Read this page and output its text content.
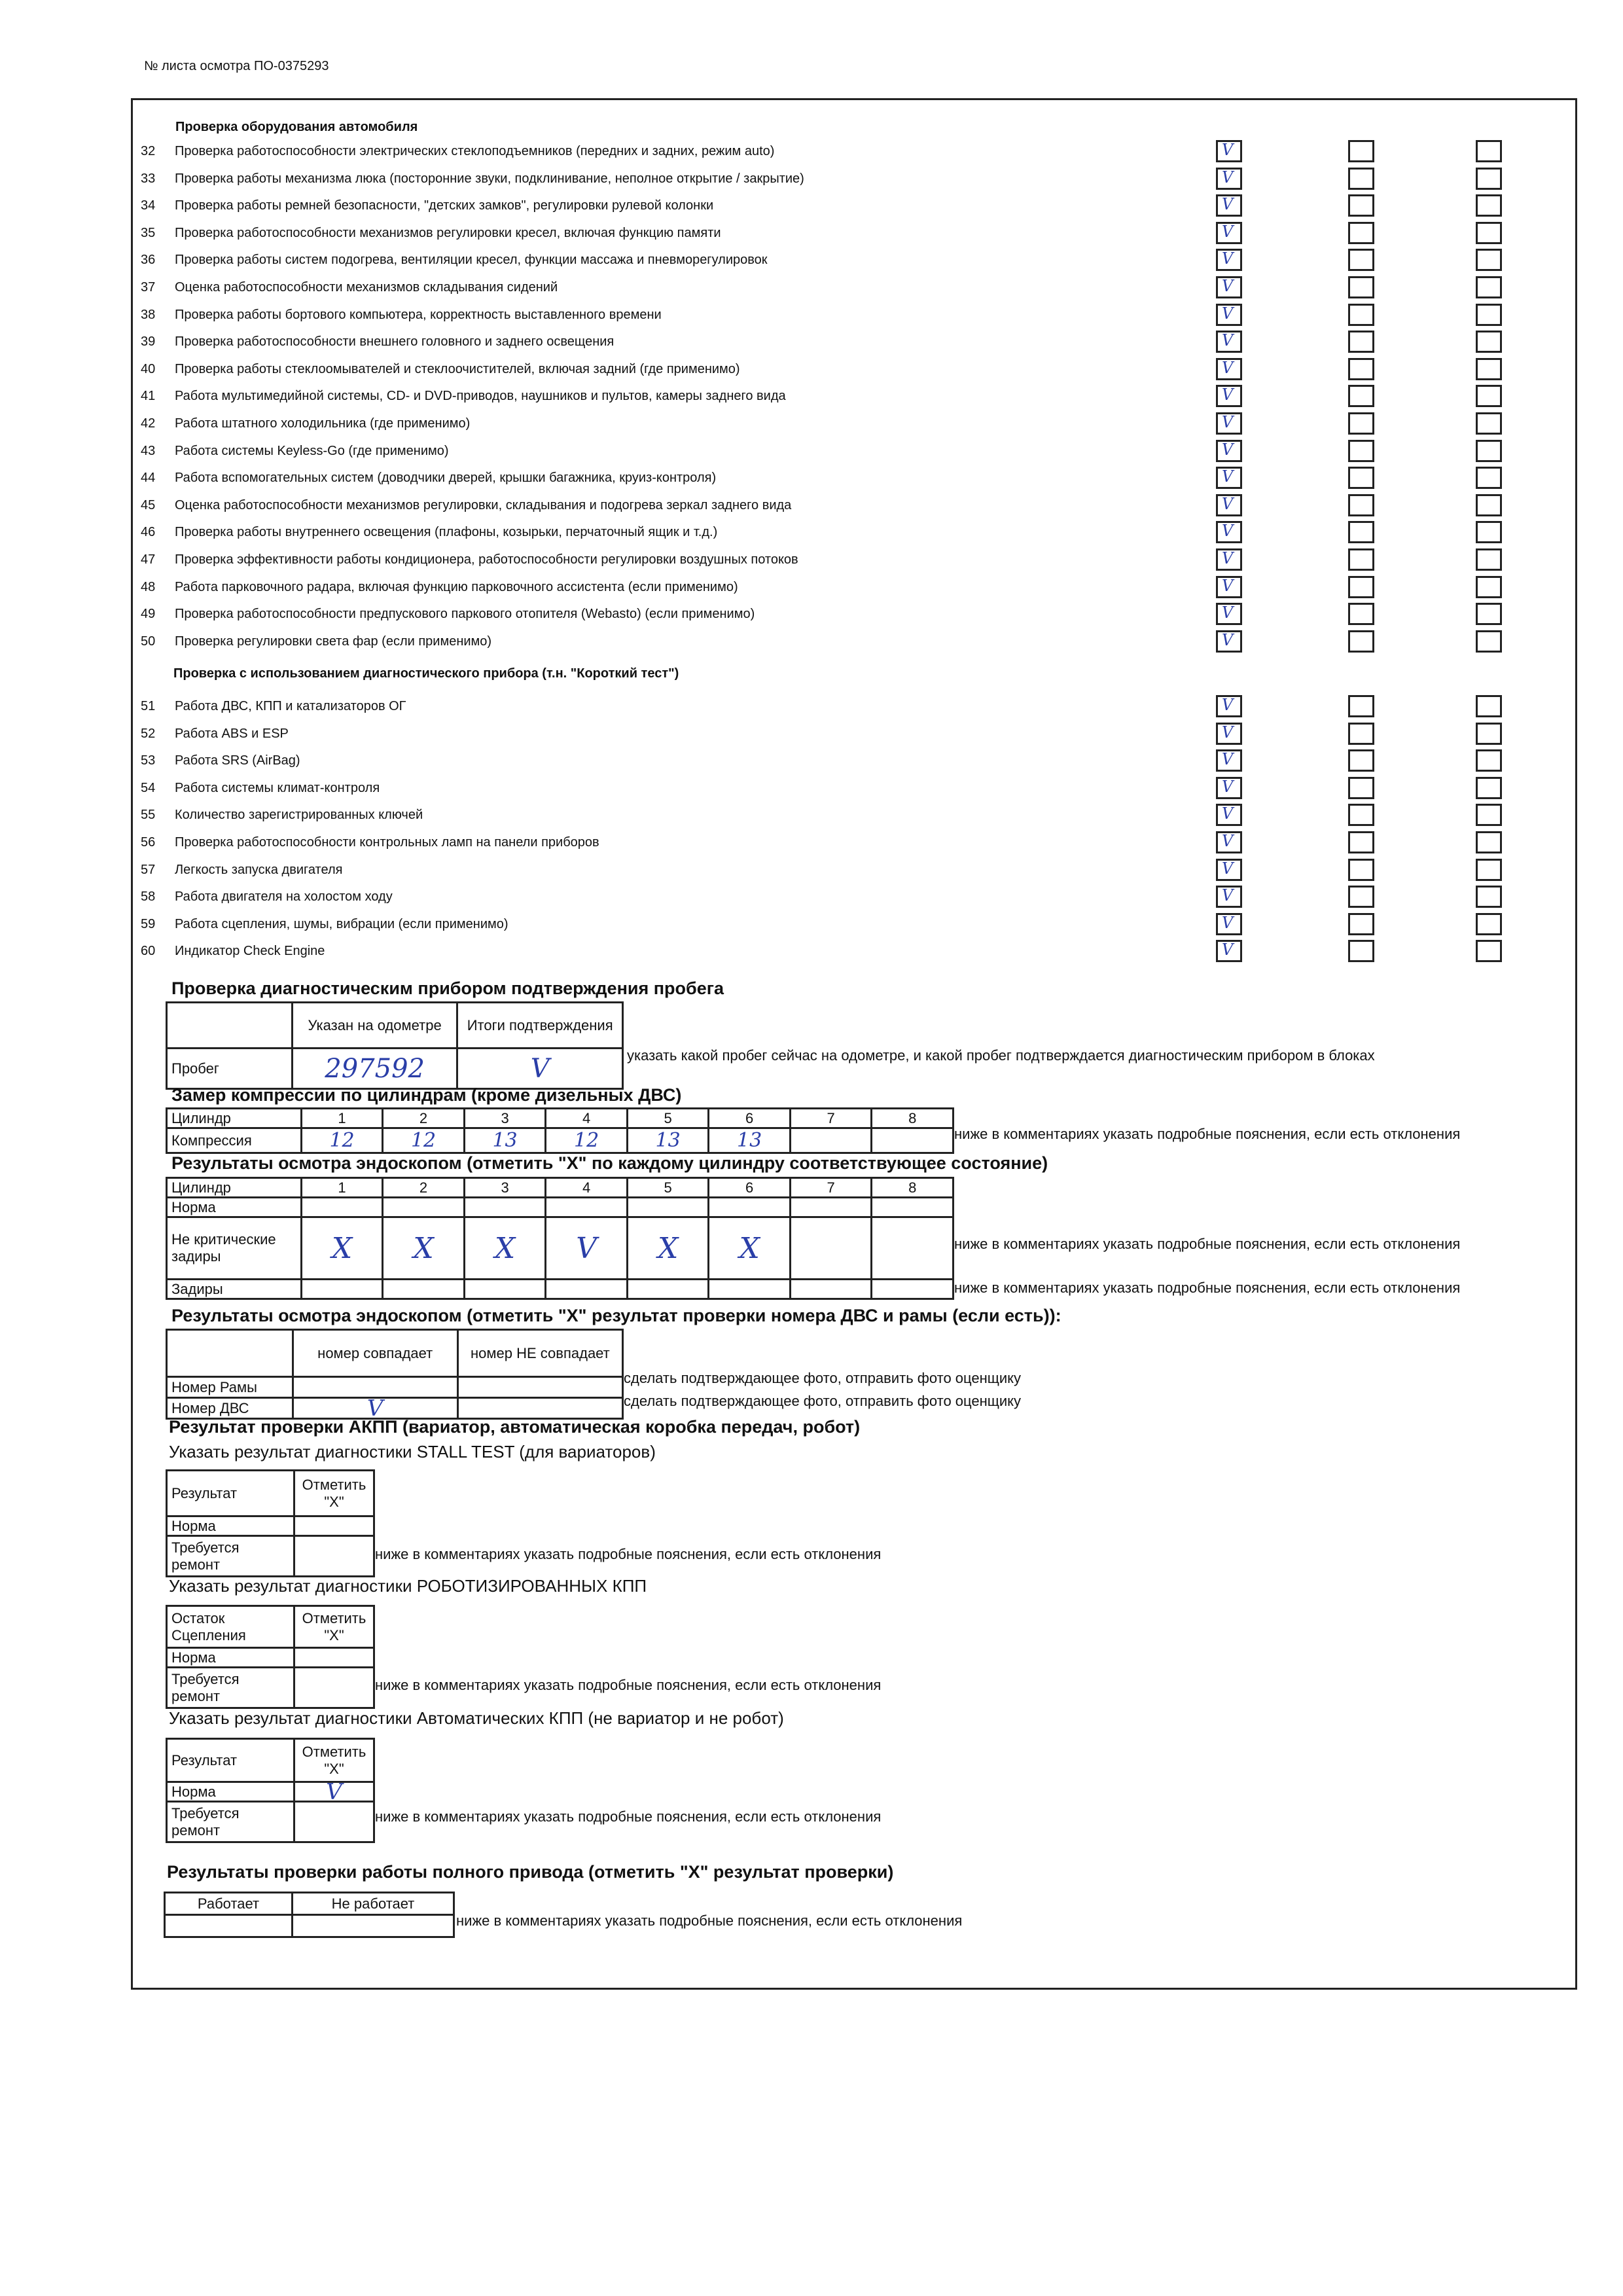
№ листа осмотра ПО-0375293
Проверка оборудования автомобиля
32 Проверка работоспособности электрических стеклоподъемников (передних и задних, режим auto)	V
33 Проверка работы механизма люка (посторонние звуки, подклинивание, неполное открытие / закрытие)	V
34 Проверка работы ремней безопасности, "детских замков", регулировки рулевой колонки	V
35 Проверка работоспособности механизмов регулировки кресел, включая функцию памяти	V
36 Проверка работы систем подогрева, вентиляции кресел, функции массажа и пневморегулировок	V
37 Оценка работоспособности механизмов складывания сидений	V
38 Проверка работы бортового компьютера, корректность выставленного времени	V
39 Проверка работоспособности внешнего головного и заднего освещения	V
40 Проверка работы стеклоомывателей и стеклоочистителей, включая задний (где применимо)	V
41 Работа мультимедийной системы, CD- и DVD-приводов, наушников и пультов, камеры заднего вида	V
42 Работа штатного холодильника (где применимо)	V
43 Работа системы Keyless-Go (где применимо)	V
44 Работа вспомогательных систем (доводчики дверей, крышки багажника, круиз-контроля)	V
45 Оценка работоспособности механизмов регулировки, складывания и подогрева зеркал заднего вида	V
46 Проверка работы внутреннего освещения (плафоны, козырьки, перчаточный ящик и т.д.)	V
47 Проверка эффективности работы кондиционера, работоспособности регулировки воздушных потоков	V
48 Работа парковочного радара, включая функцию парковочного ассистента (если применимо)	V
49 Проверка работоспособности предпускового паркового отопителя (Webasto) (если применимо)	V
50 Проверка регулировки света фар (если применимо)	V
Проверка с использованием диагностического прибора (т.н. "Короткий тест")
51 Работа ДВС, КПП и катализаторов ОГ	V
52 Работа ABS и ESP	V
53 Работа SRS (AirBag)	V
54 Работа системы климат-контроля	V
55 Количество зарегистрированных ключей	V
56 Проверка работоспособности контрольных ламп на панели приборов	V
57 Легкость запуска двигателя	V
58 Работа двигателя на холостом ходу	V
59 Работа сцепления, шумы, вибрации (если применимо)	V
60 Индикатор Check Engine	V
Проверка диагностическим прибором подтверждения пробега
	Указан на одометре	Итоги подтверждения
Пробег	297592	V	указать какой пробег сейчас на одометре, и какой пробег подтверждается диагностическим прибором в блоках
Замер компрессии по цилиндрам (кроме дизельных ДВС)
Цилиндр	1	2	3	4	5	6	7	8
Компрессия	12	12	13	12	13	13			ниже в комментариях указать подробные пояснения, если есть отклонения
Результаты осмотра эндоскопом (отметить "X" по каждому цилиндру соответствующее состояние)
Цилиндр	1	2	3	4	5	6	7	8
Норма								
Не критические задиры	X	X	X	V	X	X		
Задиры								
ниже в комментариях указать подробные пояснения, если есть отклонения
ниже в комментариях указать подробные пояснения, если есть отклонения
Результаты осмотра эндоскопом (отметить "X" результат проверки номера ДВС и рамы (если есть)):
	номер совпадает	номер НЕ совпадает
Номер Рамы		
Номер ДВС	V	
сделать подтверждающее фото, отправить фото оценщику
сделать подтверждающее фото, отправить фото оценщику
Результат проверки АКПП (вариатор, автоматическая коробка передач, робот)
Указать результат диагностики STALL TEST (для вариаторов)
Результат	Отметить "X"
Норма	
Требуется ремонт	
ниже в комментариях указать подробные пояснения, если есть отклонения
Указать результат диагностики РОБОТИЗИРОВАННЫХ КПП
Остаток Сцепления	Отметить "X"
Норма	
Требуется ремонт	
ниже в комментариях указать подробные пояснения, если есть отклонения
Указать результат диагностики Автоматических КПП (не вариатор и не робот)
Результат	Отметить "X"
Норма	V
Требуется ремонт	
ниже в комментариях указать подробные пояснения, если есть отклонения
Результаты проверки работы полного привода (отметить "X" результат проверки)
Работает	Не работает

ниже в комментариях указать подробные пояснения, если есть отклонения
